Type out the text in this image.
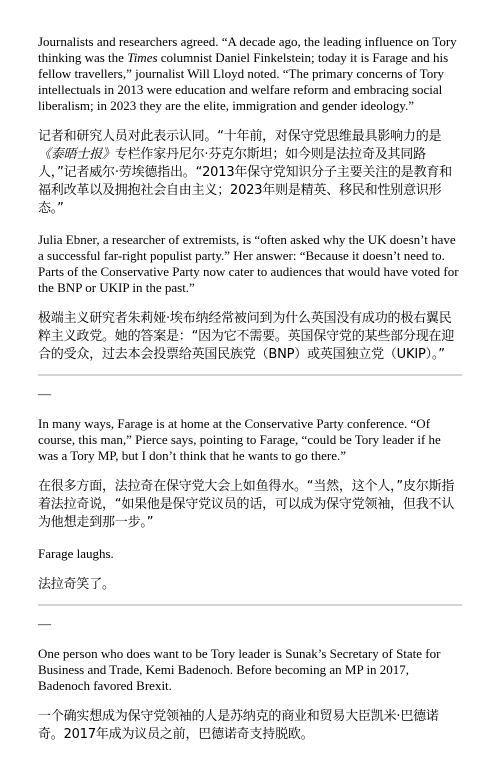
Journalists and researchers agreed. “A decade ago, the leading influence on Tory thinking was the Times columnist Daniel Finkelstein; today it is Farage and his fellow travellers,” journalist Will Lloyd noted. “The primary concerns of Tory intellectuals in 2013 were education and welfare reform and embracing social liberalism; in 2023 they are the elite, immigration and gender ideology.”

记者和研究人员对此表示认同。“十年前，对保守党思维最具影响力的是《泰晤士报》专栏作家丹尼尔·芬克尔斯坦；如今则是法拉奇及其同路人，”记者威尔·劳埃德指出。“2013年保守党知识分子主要关注的是教育和福利改革以及拥抱社会自由主义；2023年则是精英、移民和性别意识形态。”

Julia Ebner, a researcher of extremists, is “often asked why the UK doesn’t have a successful far-right populist party.” Her answer: “Because it doesn’t need to. Parts of the Conservative Party now cater to audiences that would have voted for the BNP or UKIP in the past.”

极端主义研究者朱莉娅·埃布纳经常被问到为什么英国没有成功的极右翼民粹主义政党。她的答案是：“因为它不需要。英国保守党的某些部分现在迎合的受众，过去本会投票给英国民族党（BNP）或英国独立党（UKIP）。”

—

In many ways, Farage is at home at the Conservative Party conference. “Of course, this man,” Pierce says, pointing to Farage, “could be Tory leader if he was a Tory MP, but I don’t think that he wants to go there.”

在很多方面，法拉奇在保守党大会上如鱼得水。“当然，这个人，”皮尔斯指着法拉奇说，“如果他是保守党议员的话，可以成为保守党领袖，但我不认为他想走到那一步。”

Farage laughs.

法拉奇笑了。

—

One person who does want to be Tory leader is Sunak’s Secretary of State for Business and Trade, Kemi Badenoch. Before becoming an MP in 2017, Badenoch favored Brexit.

一个确实想成为保守党领袖的人是苏纳克的商业和贸易大臣凯米·巴德诺奇。2017年成为议员之前，巴德诺奇支持脱欧。
